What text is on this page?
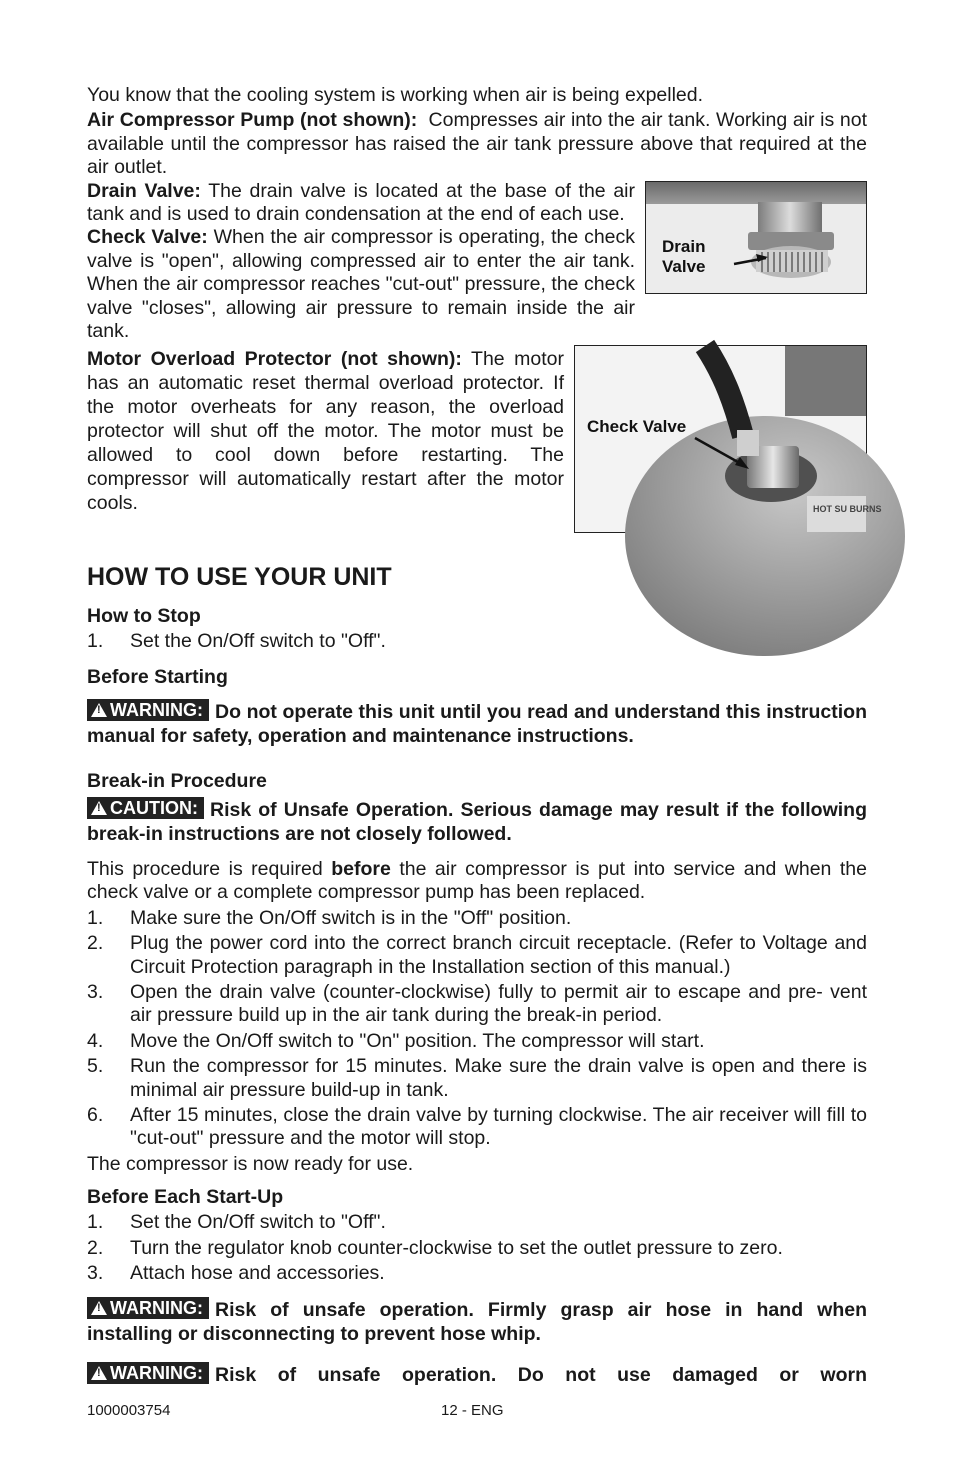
You know that the cooling system is working when air is being expelled.

Air Compressor Pump (not shown): Compresses air into the air tank. Working air is not available until the compressor has raised the air tank pressure above that required at the air outlet.

Drain
Valve

Drain Valve: The drain valve is located at the base of the air tank and is used to drain condensation at the end of each use.

Check Valve: When the air compressor is operating, the check valve is "open", allowing compressed air to enter the air tank. When the air compressor reaches "cut-out" pressure, the check valve "closes", allowing air pressure to remain inside the air tank.

HOT SU BURNS
Check Valve

Motor Overload Protector (not shown): The motor has an automatic reset thermal overload protector. If the motor overheats for any reason, the overload protector will shut off the motor. The motor must be allowed to cool down before restarting. The compressor will automatically restart after the motor cools.

HOW TO USE YOUR UNIT
How to Stop
1. Set the On/Off switch to "Off".
Before Starting
!WARNING: Do not operate this unit until you read and understand this instruction manual for safety, operation and maintenance instructions.
Break-in Procedure
!CAUTION: Risk of Unsafe Operation. Serious damage may result if the following break-in instructions are not closely followed.

This procedure is required before the air compressor is put into service and when the check valve or a complete compressor pump has been replaced.

1. Make sure the On/Off switch is in the "Off" position.
2. Plug the power cord into the correct branch circuit receptacle. (Refer to Voltage and Circuit Protection paragraph in the Installation section of this manual.)
3. Open the drain valve (counter-clockwise) fully to permit air to escape and pre- vent air pressure build up in the air tank during the break-in period.
4. Move the On/Off switch to "On" position. The compressor will start.
5. Run the compressor for 15 minutes. Make sure the drain valve is open and there is minimal air pressure build-up in tank.
6. After 15 minutes, close the drain valve by turning clockwise. The air receiver will fill to "cut-out" pressure and the motor will stop.

The compressor is now ready for use.

Before Each Start-Up
1. Set the On/Off switch to "Off".
2. Turn the regulator knob counter-clockwise to set the outlet pressure to zero.
3. Attach hose and accessories.
!WARNING: Risk of unsafe operation. Firmly grasp air hose in hand when installing or disconnecting to prevent hose whip.
!WARNING: Risk of unsafe operation. Do not use damaged or worn
1000003754	12 - ENG
